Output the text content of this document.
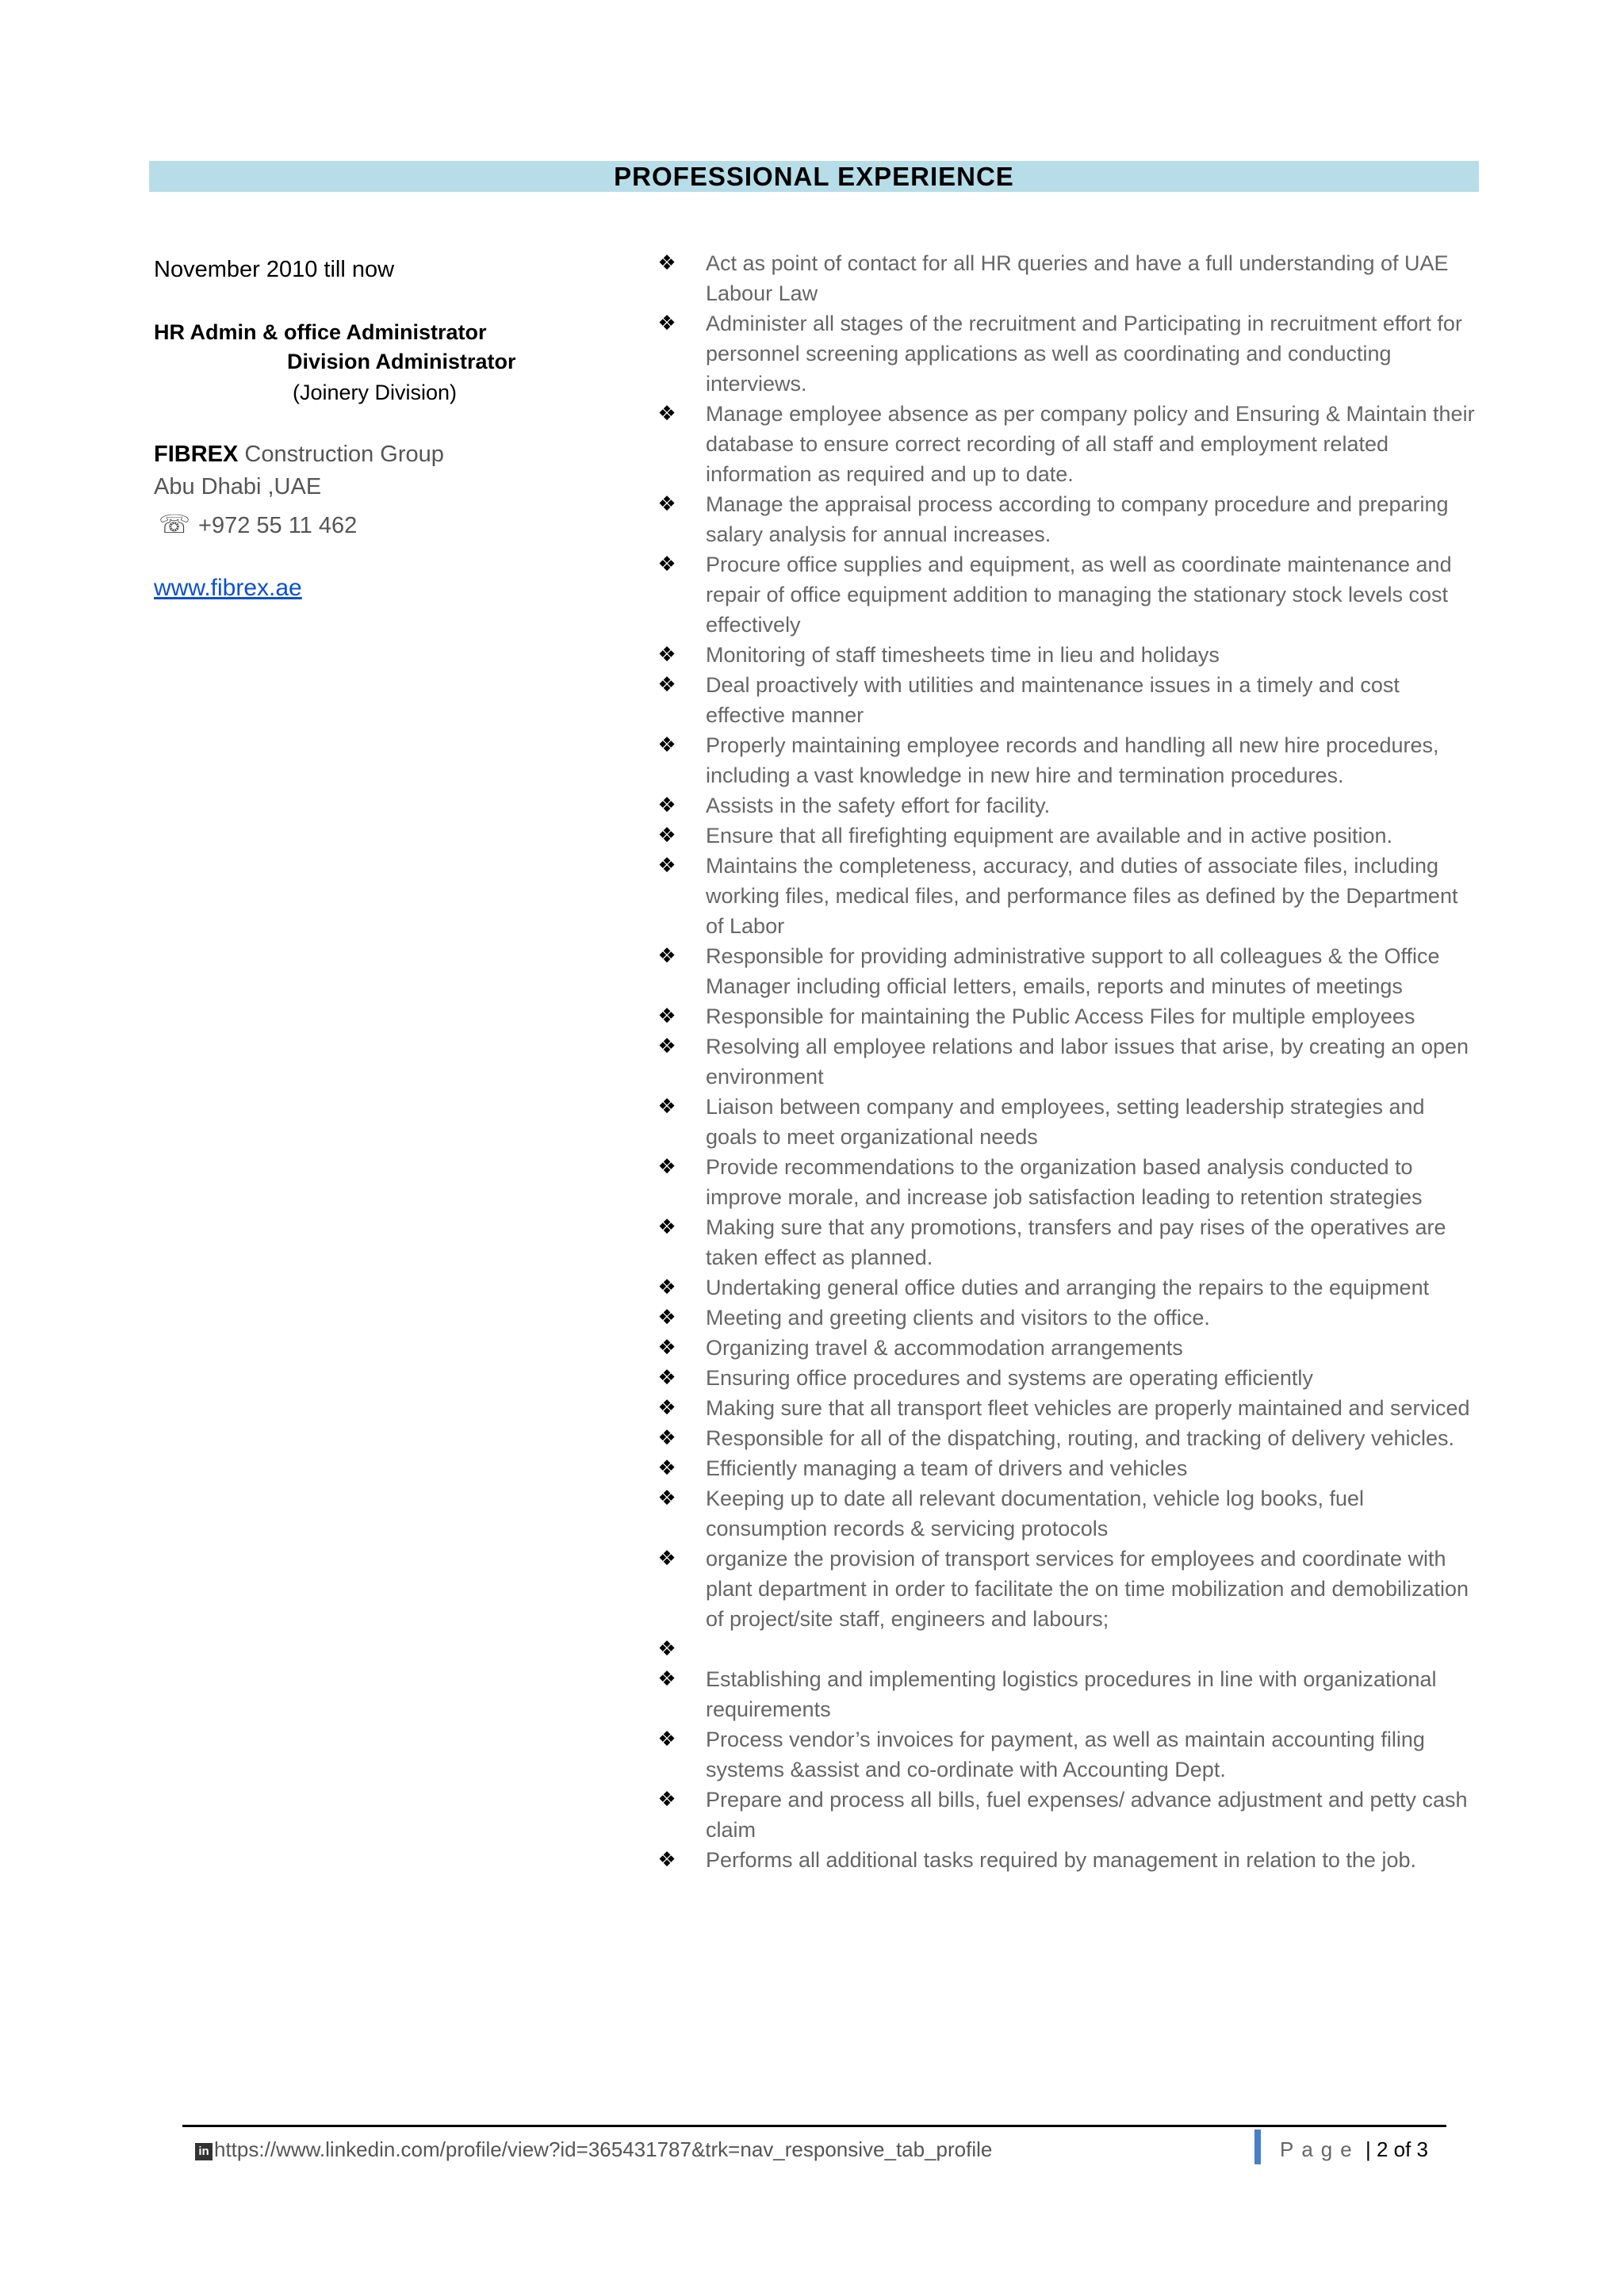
PROFESSIONAL EXPERIENCE
November 2010 till now
HR Admin & office Administrator
Division Administrator
(Joinery Division)
FIBREX Construction Group
Abu Dhabi ,UAE
☏ +972 55 11 462
www.fibrex.ae
❖ Act as point of contact for all HR queries and have a full understanding of UAE Labour Law
❖ Administer all stages of the recruitment and Participating in recruitment effort for personnel screening applications as well as coordinating and conducting interviews.
❖ Manage employee absence as per company policy and Ensuring & Maintain their database to ensure correct recording of all staff and employment related information as required and up to date.
❖ Manage the appraisal process according to company procedure and preparing salary analysis for annual increases.
❖ Procure office supplies and equipment, as well as coordinate maintenance and repair of office equipment addition to managing the stationary stock levels cost effectively
❖ Monitoring of staff timesheets time in lieu and holidays
❖ Deal proactively with utilities and maintenance issues in a timely and cost effective manner
❖ Properly maintaining employee records and handling all new hire procedures, including a vast knowledge in new hire and termination procedures.
❖ Assists in the safety effort for facility.
❖ Ensure that all firefighting equipment are available and in active position.
❖ Maintains the completeness, accuracy, and duties of associate files, including working files, medical files, and performance files as defined by the Department of Labor
❖ Responsible for providing administrative support to all colleagues & the Office Manager including official letters, emails, reports and minutes of meetings
❖ Responsible for maintaining the Public Access Files for multiple employees
❖ Resolving all employee relations and labor issues that arise, by creating an open environment
❖ Liaison between company and employees, setting leadership strategies and goals to meet organizational needs
❖ Provide recommendations to the organization based analysis conducted to improve morale, and increase job satisfaction leading to retention strategies
❖ Making sure that any promotions, transfers and pay rises of the operatives are taken effect as planned.
❖ Undertaking general office duties and arranging the repairs to the equipment
❖ Meeting and greeting clients and visitors to the office.
❖ Organizing travel & accommodation arrangements
❖ Ensuring office procedures and systems are operating efficiently
❖ Making sure that all transport fleet vehicles are properly maintained and serviced
❖ Responsible for all of the dispatching, routing, and tracking of delivery vehicles.
❖ Efficiently managing a team of drivers and vehicles
❖ Keeping up to date all relevant documentation, vehicle log books, fuel consumption records & servicing protocols
❖ organize the provision of transport services for employees and coordinate with plant department in order to facilitate the on time mobilization and demobilization of project/site staff, engineers and labours;
❖

❖ Establishing and implementing logistics procedures in line with organizational requirements
❖ Process vendor’s invoices for payment, as well as maintain accounting filing systems &assist and co-ordinate with Accounting Dept.
❖ Prepare and process all bills, fuel expenses/ advance adjustment and petty cash claim
❖ Performs all additional tasks required by management in relation to the job.
in https://www.linkedin.com/profile/view?id=365431787&trk=nav_responsive_tab_profile	Page | 2 of 3
